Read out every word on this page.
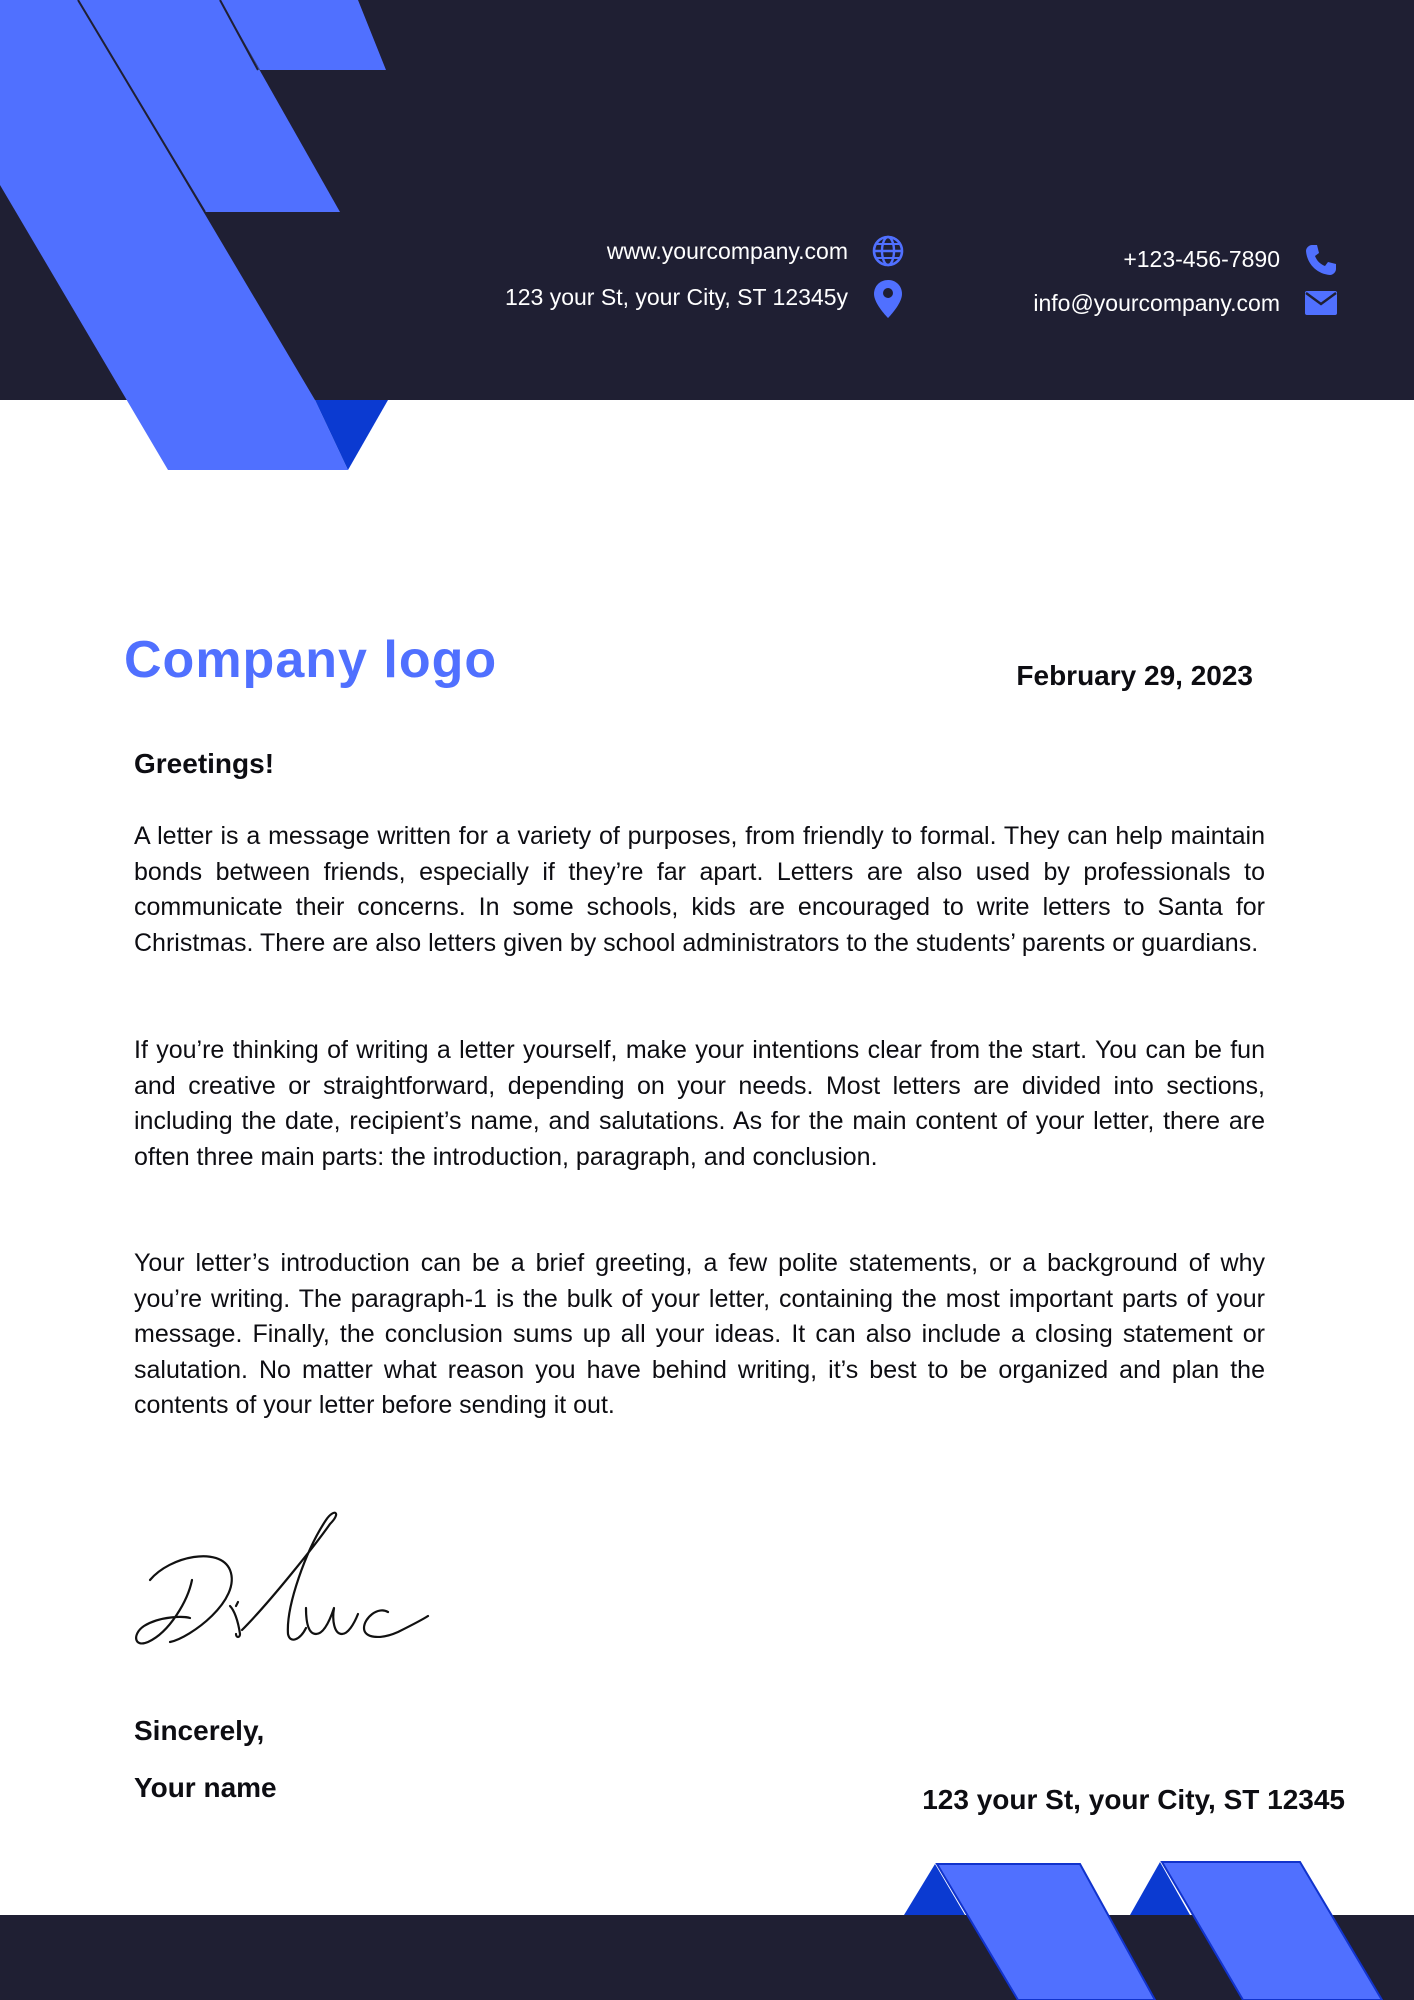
www.yourcompany.com
123 your St, your City, ST 12345y
+123-456-7890
info@yourcompany.com
Company logo	February 29, 2023
Greetings!
A letter is a message written for a variety of purposes, from friendly to formal. They can help maintain bonds between friends, especially if they’re far apart. Letters are also used by professionals to communicate their concerns. In some schools, kids are encouraged to write letters to Santa for Christmas. There are also letters given by school administrators to the students’ parents or guardians.
If you’re thinking of writing a letter yourself, make your intentions clear from the start. You can be fun and creative or straightforward, depending on your needs. Most letters are divided into sections, including the date, recipient’s name, and salutations. As for the main content of your letter, there are often three main parts: the introduction, paragraph, and conclusion.
Your letter’s introduction can be a brief greeting, a few polite statements, or a background of why you’re writing. The paragraph-1 is the bulk of your letter, containing the most important parts of your message. Finally, the conclusion sums up all your ideas. It can also include a closing statement or salutation. No matter what reason you have behind writing, it’s best to be organized and plan the contents of your letter before sending it out.
Sincerely,
Your name	123 your St, your City, ST 12345
